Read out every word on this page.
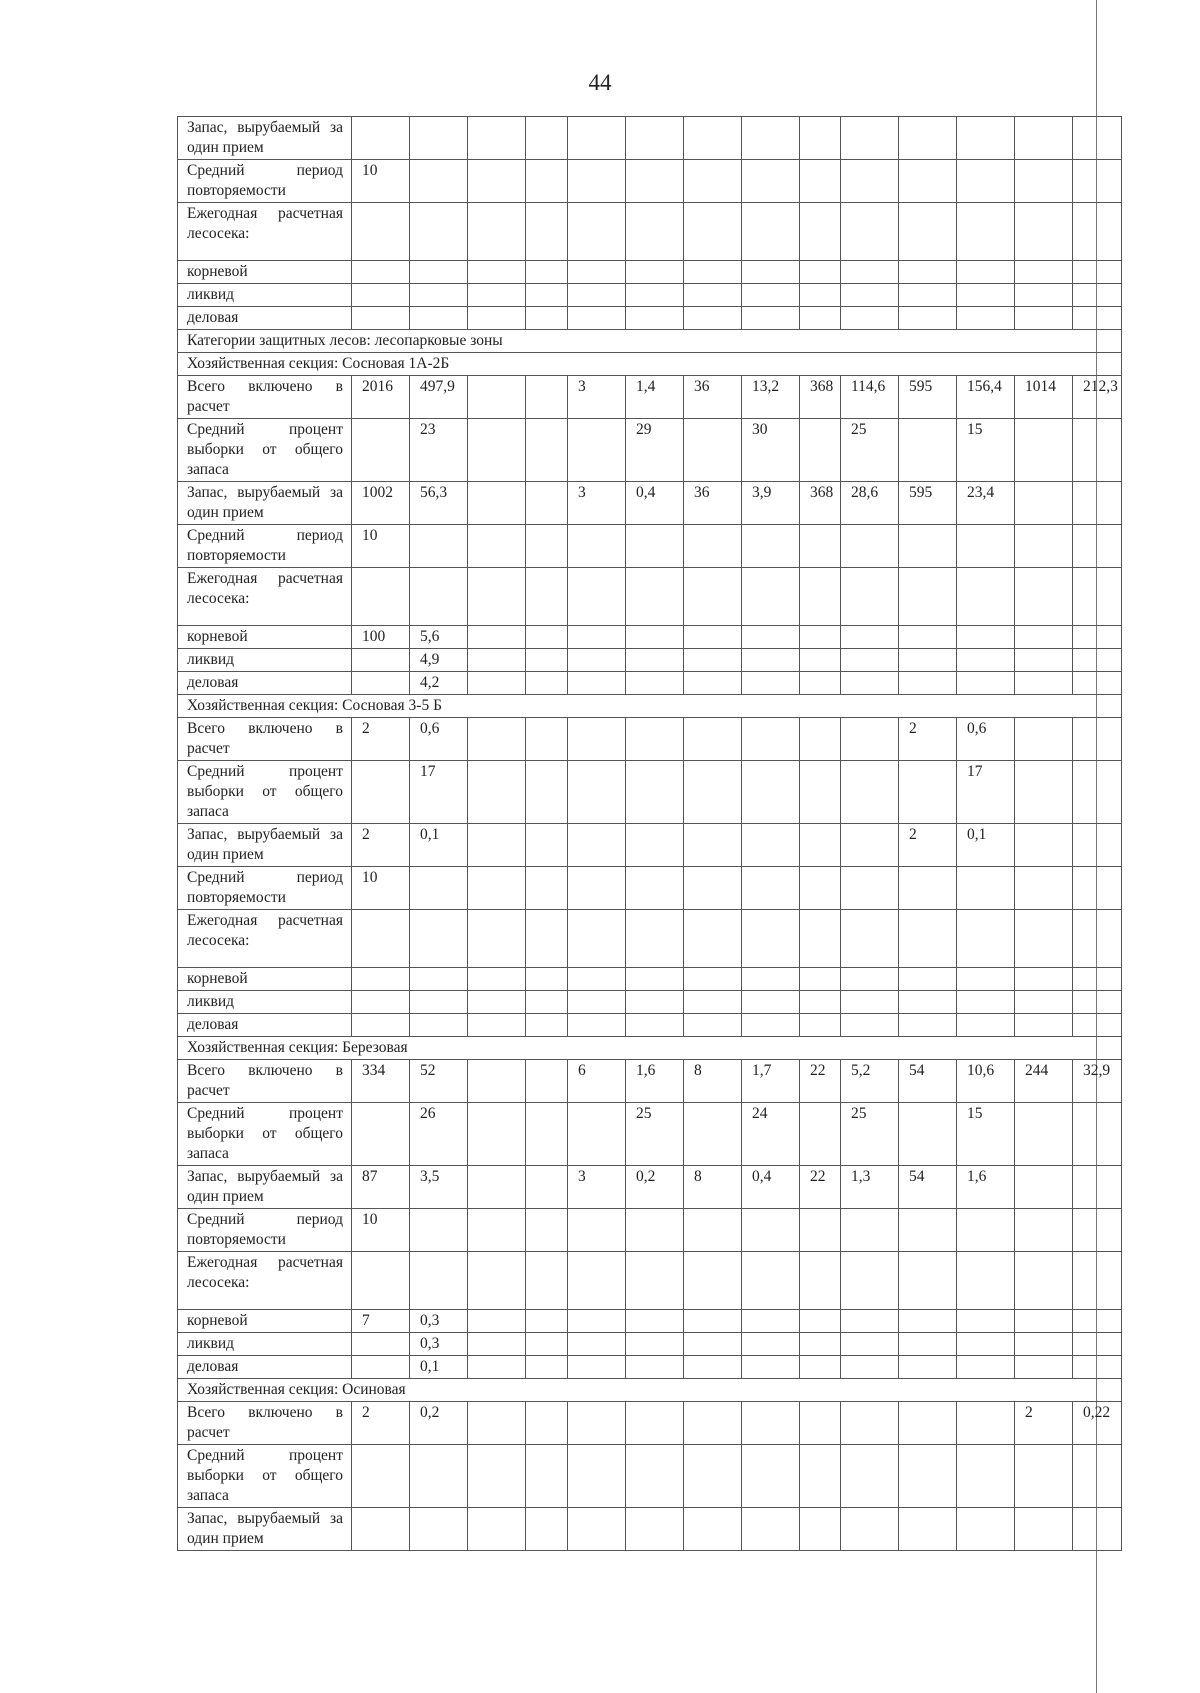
44
Запас, вырубаемый за один прием														
Средний период повторяемости	10													
Ежегодная расчетная лесосека:														
корневой														
ликвид														
деловая														
Категории защитных лесов: лесопарковые зоны														
Хозяйственная секция: Сосновая 1А-2Б														
Всего включено в расчет	2016	497,9			3	1,4	36	13,2	368	114,6	595	156,4	1014	212,3
Средний процент выборки от общего запаса		23				29		30		25		15		
Запас, вырубаемый за один прием	1002	56,3			3	0,4	36	3,9	368	28,6	595	23,4		
Средний период повторяемости	10													
Ежегодная расчетная лесосека:														
корневой	100	5,6												
ликвид		4,9												
деловая		4,2												
Хозяйственная секция: Сосновая 3-5 Б														
Всего включено в расчет	2	0,6									2	0,6		
Средний процент выборки от общего запаса		17										17		
Запас, вырубаемый за один прием	2	0,1									2	0,1		
Средний период повторяемости	10													
Ежегодная расчетная лесосека:														
корневой														
ликвид														
деловая														
Хозяйственная секция: Березовая														
Всего включено в расчет	334	52			6	1,6	8	1,7	22	5,2	54	10,6	244	32,9
Средний процент выборки от общего запаса		26				25		24		25		15		
Запас, вырубаемый за один прием	87	3,5			3	0,2	8	0,4	22	1,3	54	1,6		
Средний период повторяемости	10													
Ежегодная расчетная лесосека:														
корневой	7	0,3												
ликвид		0,3												
деловая		0,1												
Хозяйственная секция: Осиновая														
Всего включено в расчет	2	0,2											2	0,22
Средний процент выборки от общего запаса														
Запас, вырубаемый за один прием														
